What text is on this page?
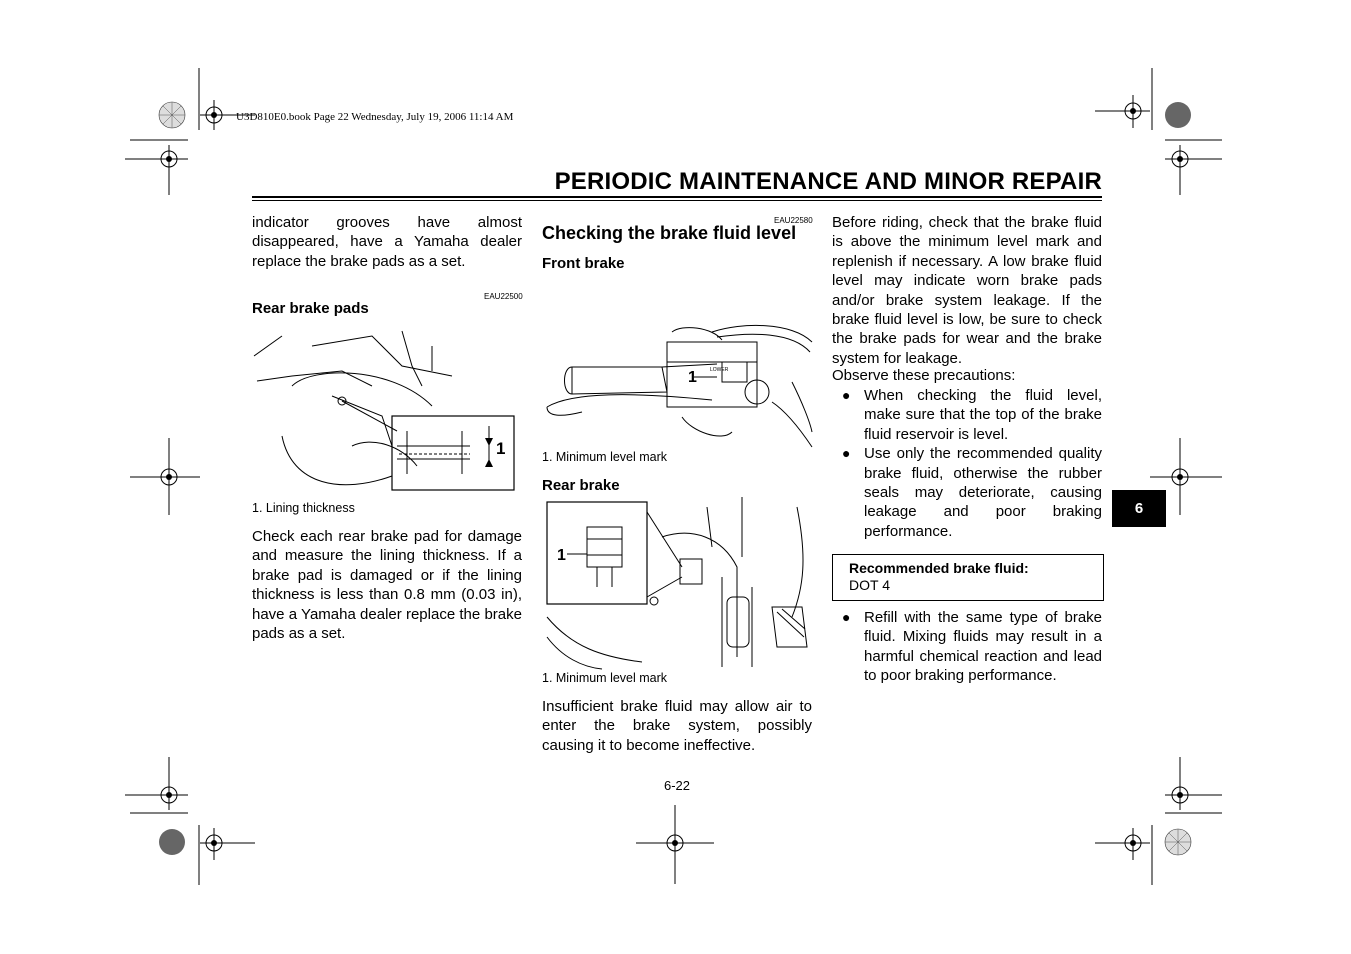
U3D810E0.book Page 22 Wednesday, July 19, 2006 11:14 AM
PERIODIC MAINTENANCE AND MINOR REPAIR
6
indicator grooves have almost disappeared, have a Yamaha dealer replace the brake pads as a set.
EAU22500
Rear brake pads
1
1. Lining thickness
Check each rear brake pad for damage and measure the lining thickness. If a brake pad is damaged or if the lining thickness is less than 0.8 mm (0.03 in), have a Yamaha dealer replace the brake pads as a set.
EAU22580
Checking the brake fluid level
Front brake
1	LOWER
1. Minimum level mark
Rear brake
1
1. Minimum level mark
Insufficient brake fluid may allow air to enter the brake system, possibly causing it to become ineffective.
Before riding, check that the brake fluid is above the minimum level mark and replenish if necessary. A low brake fluid level may indicate worn brake pads and/or brake system leakage. If the brake fluid level is low, be sure to check the brake pads for wear and the brake system for leakage.
Observe these precautions:
● When checking the fluid level, make sure that the top of the brake fluid reservoir is level.
● Use only the recommended quality brake fluid, otherwise the rubber seals may deteriorate, causing leakage and poor braking performance.
Recommended brake fluid:
DOT 4
● Refill with the same type of brake fluid. Mixing fluids may result in a harmful chemical reaction and lead to poor braking performance.
6-22
